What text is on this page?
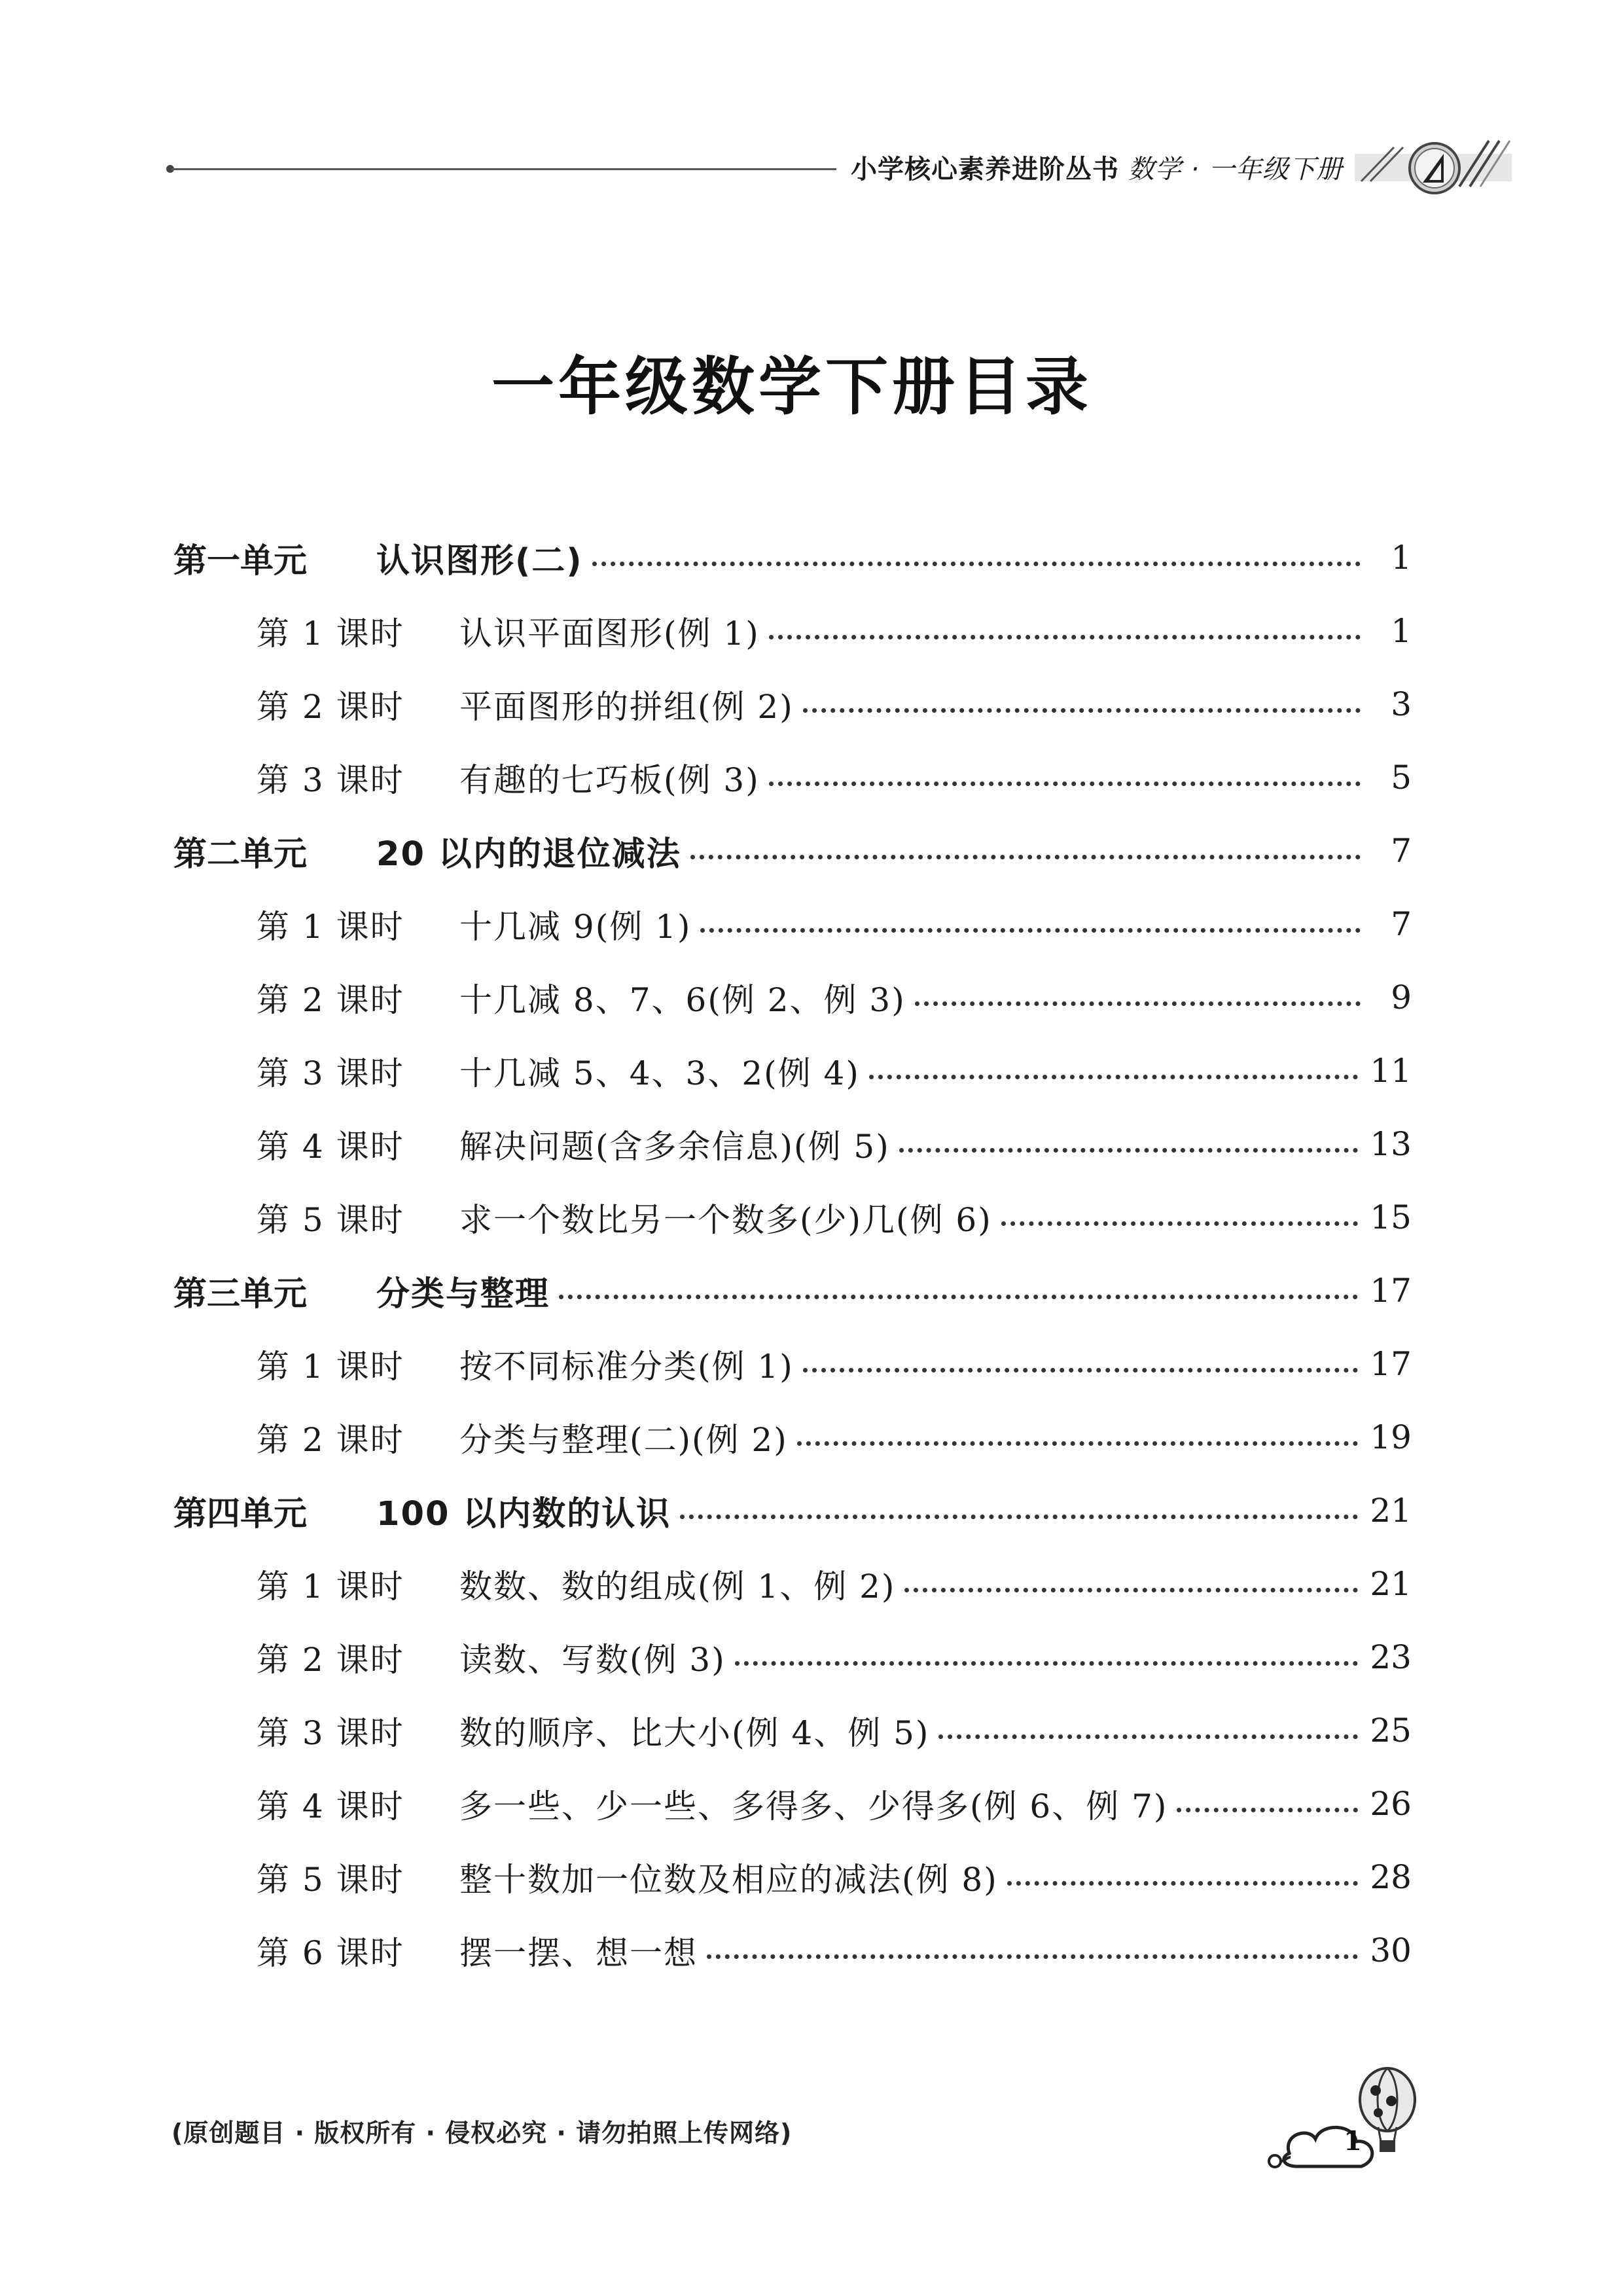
小学核心素养进阶丛书 数学 · 一年级下册
一年级数学下册目录
第一单元	认识图形(二)	1
第 1 课时	认识平面图形(例 1)	1
第 2 课时	平面图形的拼组(例 2)	3
第 3 课时	有趣的七巧板(例 3)	5
第二单元	20 以内的退位减法	7
第 1 课时	十几减 9(例 1)	7
第 2 课时	十几减 8、7、6(例 2、例 3)	9
第 3 课时	十几减 5、4、3、2(例 4)	11
第 4 课时	解决问题(含多余信息)(例 5)	13
第 5 课时	求一个数比另一个数多(少)几(例 6)	15
第三单元	分类与整理	17
第 1 课时	按不同标准分类(例 1)	17
第 2 课时	分类与整理(二)(例 2)	19
第四单元	100 以内数的认识	21
第 1 课时	数数、数的组成(例 1、例 2)	21
第 2 课时	读数、写数(例 3)	23
第 3 课时	数的顺序、比大小(例 4、例 5)	25
第 4 课时	多一些、少一些、多得多、少得多(例 6、例 7)	26
第 5 课时	整十数加一位数及相应的减法(例 8)	28
第 6 课时	摆一摆、想一想	30
(原创题目 · 版权所有 · 侵权必究 · 请勿拍照上传网络)	1
